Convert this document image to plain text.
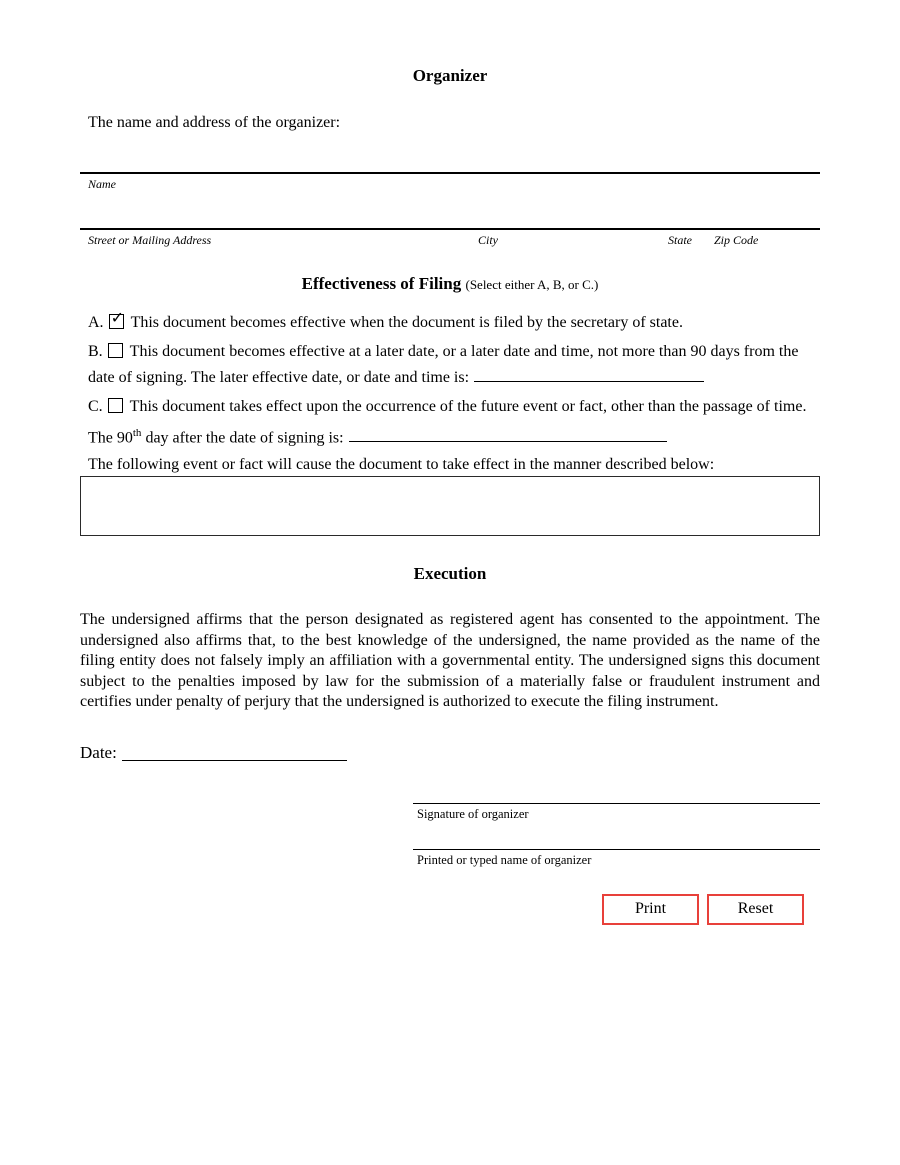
Organizer

The name and address of the organizer:

Name
Street or Mailing Address	City	State Zip Code
Effectiveness of Filing (Select either A, B, or C.)

A. ✓ This document becomes effective when the document is filed by the secretary of state.

B. This document becomes effective at a later date, or a later date and time, not more than 90 days from the date of signing. The later effective date, or date and time is:

C. This document takes effect upon the occurrence of the future event or fact, other than the passage of time. The 90th day after the date of signing is:

The following event or fact will cause the document to take effect in the manner described below:

Execution

The undersigned affirms that the person designated as registered agent has consented to the appointment. The undersigned also affirms that, to the best knowledge of the undersigned, the name provided as the name of the filing entity does not falsely imply an affiliation with a governmental entity. The undersigned signs this document subject to the penalties imposed by law for the submission of a materially false or fraudulent instrument and certifies under penalty of perjury that the undersigned is authorized to execute the filing instrument.

Date:

Signature of organizer
Printed or typed name of organizer
Print	Reset
